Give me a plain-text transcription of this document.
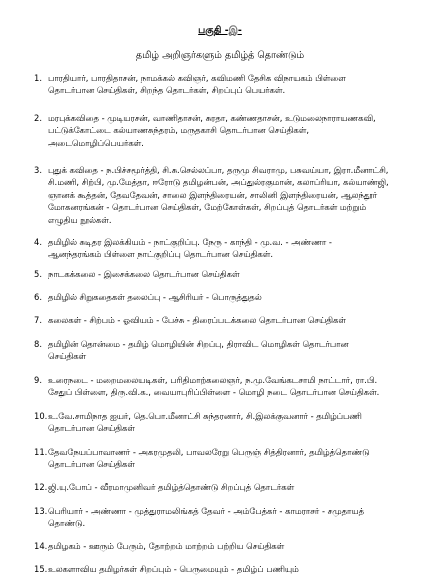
பகுதி -இ-
தமிழ் அறிஞர்களும் தமிழ்த் தொண்டும்
1. பாரதியார், பாரதிதாசன், நாமக்கல் கவிஞர், கவிமணி தேசிக விநாயகம் பிள்ளை
தொடர்பான செய்திகள், சிறந்த தொடர்கள், சிறப்புப் பெயர்கள்.
2. மரபுக்கவிதை - முடியரசன், வாணிதாசன், சுரதா, கண்ணதாசன், உடுமலைநாராயணகவி,
பட்டுக்கோட்டை கல்யாணசுந்தரம், மருதகாசி தொடர்பான செய்திகள்,
அடைமொழிப்பெயர்கள்.
3. புதுக் கவிதை - ந.பிச்சமூர்த்தி, சி.சு.செல்லப்பா, தருமு சிவராமு, பசுவய்யா, இரா.மீனாட்சி,
சி.மணி, சிற்பி, மு.மேத்தா, ஈரோடு தமிழன்பன், அப்துல்ரகுமான், கலாப்ரியா, கல்யாண்ஜி,
ஞானக் கூத்தன், தேவதேவன், சாலை இளந்திரையன், சாலினி இளந்திரையன், ஆலந்தூர்
மோகனரங்கன் - தொடர்பான செய்திகள், மேற்கோள்கள், சிறப்புத் தொடர்கள் மற்றும்
எழுதிய நூல்கள்.
4. தமிழில் சுடிதர இலக்கியம் - நாட்குறிப்பு. நேரு - காந்தி - மு.வ. - அண்ணா -
ஆனந்தரங்கம் பிள்ளை நாட்குறிப்பு தொடர்பான செய்திகள்.
5. நாடகக்கலை - இசைக்கலை தொடர்பான செய்திகள்
6. தமிழில் சிறுகதைகள் தலைப்பு - ஆசிரியர் - பொருத்துதல்
7. கலைகள் - சிற்பம் - ஓவியம் - பேச்சு - திரைப்படக்கலை தொடர்பான செய்திகள்
8. தமிழின் தொன்மை - தமிழ் மொழியின் சிறப்பு, திராவிட மொழிகள் தொடர்பான
செய்திகள்
9. உரைநடை - மறைமலையடிகள், பரிதிமாற்கலைஞர், ந.மு.வேங்கடசாமி நாட்டார், ரா.பி.
சேதுப் பிள்ளை, திரு.வி.க., வையாபுரிப்பிள்ளை - மொழி நடை தொடர்பான செய்திகள்.
10. உ.வே.சாமிநாத ஐயர், தெ.பொ.மீனாட்சி சுந்தரனார், சி.இலக்குவனார் - தமிழ்ப்பணி
தொடர்பான செய்திகள்
11. தேவநேயப்பாவாணர் - அகரமுதலி, பாவலரேறு பெருஞ் சித்திரனார், தமிழ்த்தொண்டு
தொடர்பான செய்திகள்
12. ஜி.யு.போப் - வீரமாமுனிவர் தமிழ்த்தொண்டு சிறப்புத் தொடர்கள்
13. பெரியார் - அண்ணா - முத்துராமலிங்கத் தேவர் - அம்பேத்கர் - காமராசர் - சமுதாயத்
தொண்டு.
14. தமிழகம் - ஊரும் பேரும், தோற்றம் மாற்றம் பற்றிய செய்திகள்
15. உலகளாவிய தமிழர்கள் சிறப்பும் - பெருமையும் - தமிழ்ப் பணியும்
